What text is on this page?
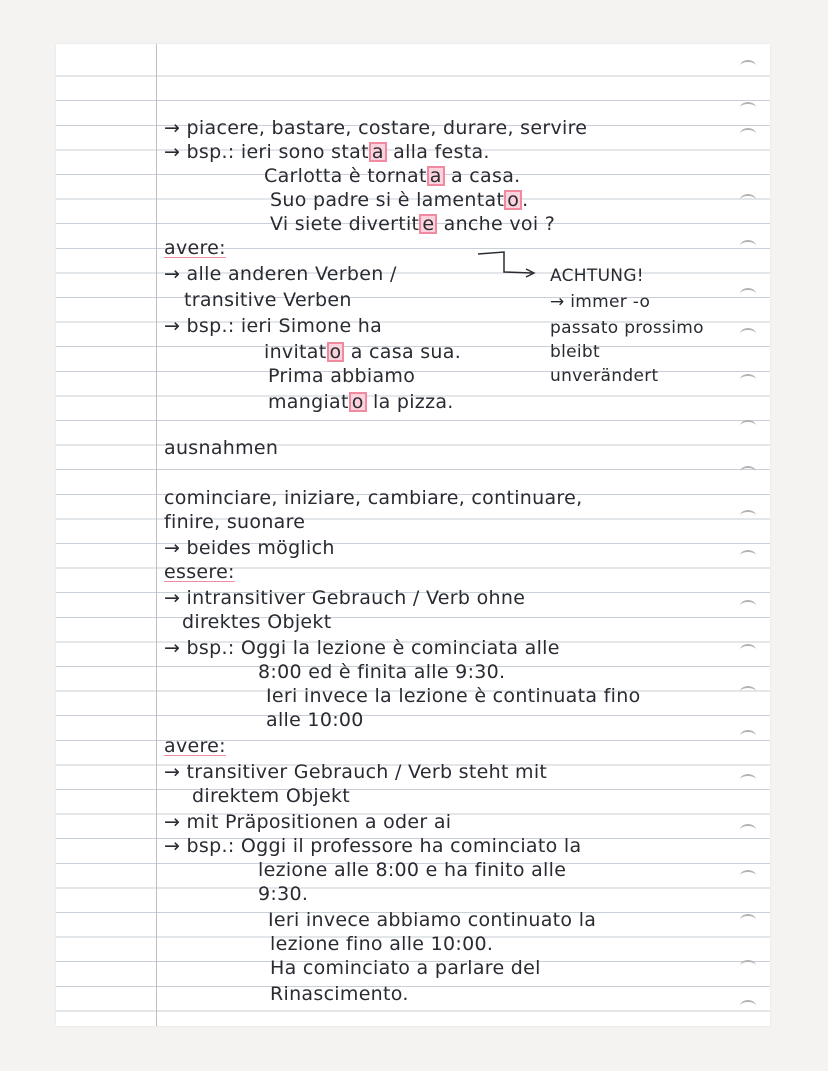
→ piacere, bastare, costare, durare, servire
→ bsp.: ieri sono stat a alla festa.
Carlotta è tornat a a casa.
Suo padre si è lamentat o .
Vi siete divertit e anche voi ?
avere:
→ alle anderen Verben /
transitive Verben
→ bsp.: ieri Simone ha
invitat o a casa sua.
Prima abbiamo
mangiat o la pizza.
ACHTUNG!
→ immer -o
passato prossimo
bleibt
unverändert
ausnahmen
cominciare, iniziare, cambiare, continuare,
finire, suonare
→ beides möglich
essere:
→ intransitiver Gebrauch / Verb ohne
direktes Objekt
→ bsp.: Oggi la lezione è cominciata alle
8:00 ed è finita alle 9:30.
Ieri invece la lezione è continuata fino
alle 10:00
avere:
→ transitiver Gebrauch / Verb steht mit
direktem Objekt
→ mit Präpositionen a oder ai
→ bsp.: Oggi il professore ha cominciato la
lezione alle 8:00 e ha finito alle
9:30.
Ieri invece abbiamo continuato la
lezione fino alle 10:00.
Ha cominciato a parlare del
Rinascimento.
